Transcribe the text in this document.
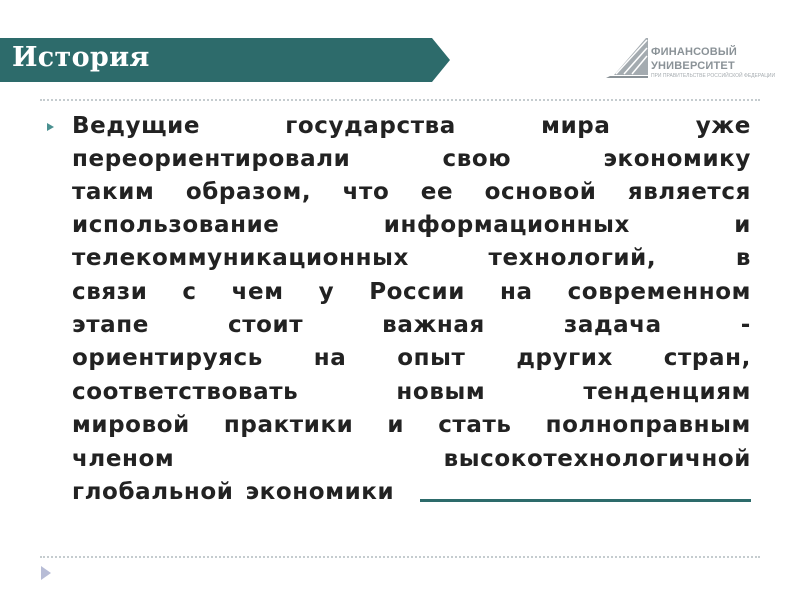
История	ФИНАНСОВЫЙ
УНИВЕРСИТЕТ
ПРИ ПРАВИТЕЛЬСТВЕ РОССИЙСКОЙ ФЕДЕРАЦИИ
Ведущие	государства	мира	уже
переориентировали	свою	экономику
таким образом, что ее основой является
использование	информационных	и
телекоммуникационных	технологий,	в
связи с чем у России на современном
этапе	стоит	важная	задача	-
ориентируясь на опыт других стран,
соответствовать	новым	тенденциям
мировой практики и стать полноправным
членом	высокотехнологичной
глобальной экономики
